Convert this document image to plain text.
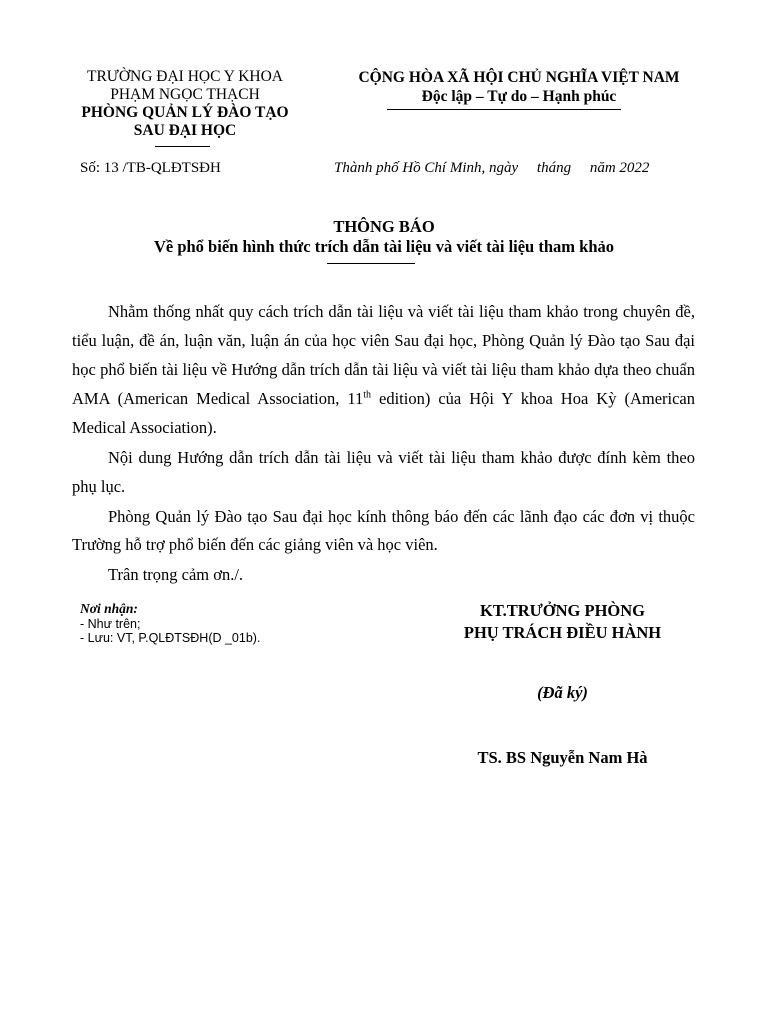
TRƯỜNG ĐẠI HỌC Y KHOA
PHẠM NGỌC THẠCH
PHÒNG QUẢN LÝ ĐÀO TẠO
SAU ĐẠI HỌC
CỘNG HÒA XÃ HỘI CHỦ NGHĨA VIỆT NAM
Độc lập – Tự do – Hạnh phúc
Số: 13 /TB-QLĐTSĐH	Thành phố Hồ Chí Minh, ngày     tháng     năm 2022
THÔNG BÁO
Về phổ biến hình thức trích dẫn tài liệu và viết tài liệu tham khảo

Nhằm thống nhất quy cách trích dẫn tài liệu và viết tài liệu tham khảo trong chuyên đề, tiểu luận, đề án, luận văn, luận án của học viên Sau đại học, Phòng Quản lý Đào tạo Sau đại học phổ biến tài liệu về Hướng dẫn trích dẫn tài liệu và viết tài liệu tham khảo dựa theo chuẩn AMA (American Medical Association, 11th edition) của Hội Y khoa Hoa Kỳ (American Medical Association).

Nội dung Hướng dẫn trích dẫn tài liệu và viết tài liệu tham khảo được đính kèm theo phụ lục.

Phòng Quản lý Đào tạo Sau đại học kính thông báo đến các lãnh đạo các đơn vị thuộc Trường hỗ trợ phổ biến đến các giảng viên và học viên.

Trân trọng cảm ơn./.

Nơi nhận:
- Như trên;
- Lưu: VT, P.QLĐTSĐH(D _01b).
KT.TRƯỞNG PHÒNG
PHỤ TRÁCH ĐIỀU HÀNH
(Đã ký)
TS. BS Nguyễn Nam Hà
